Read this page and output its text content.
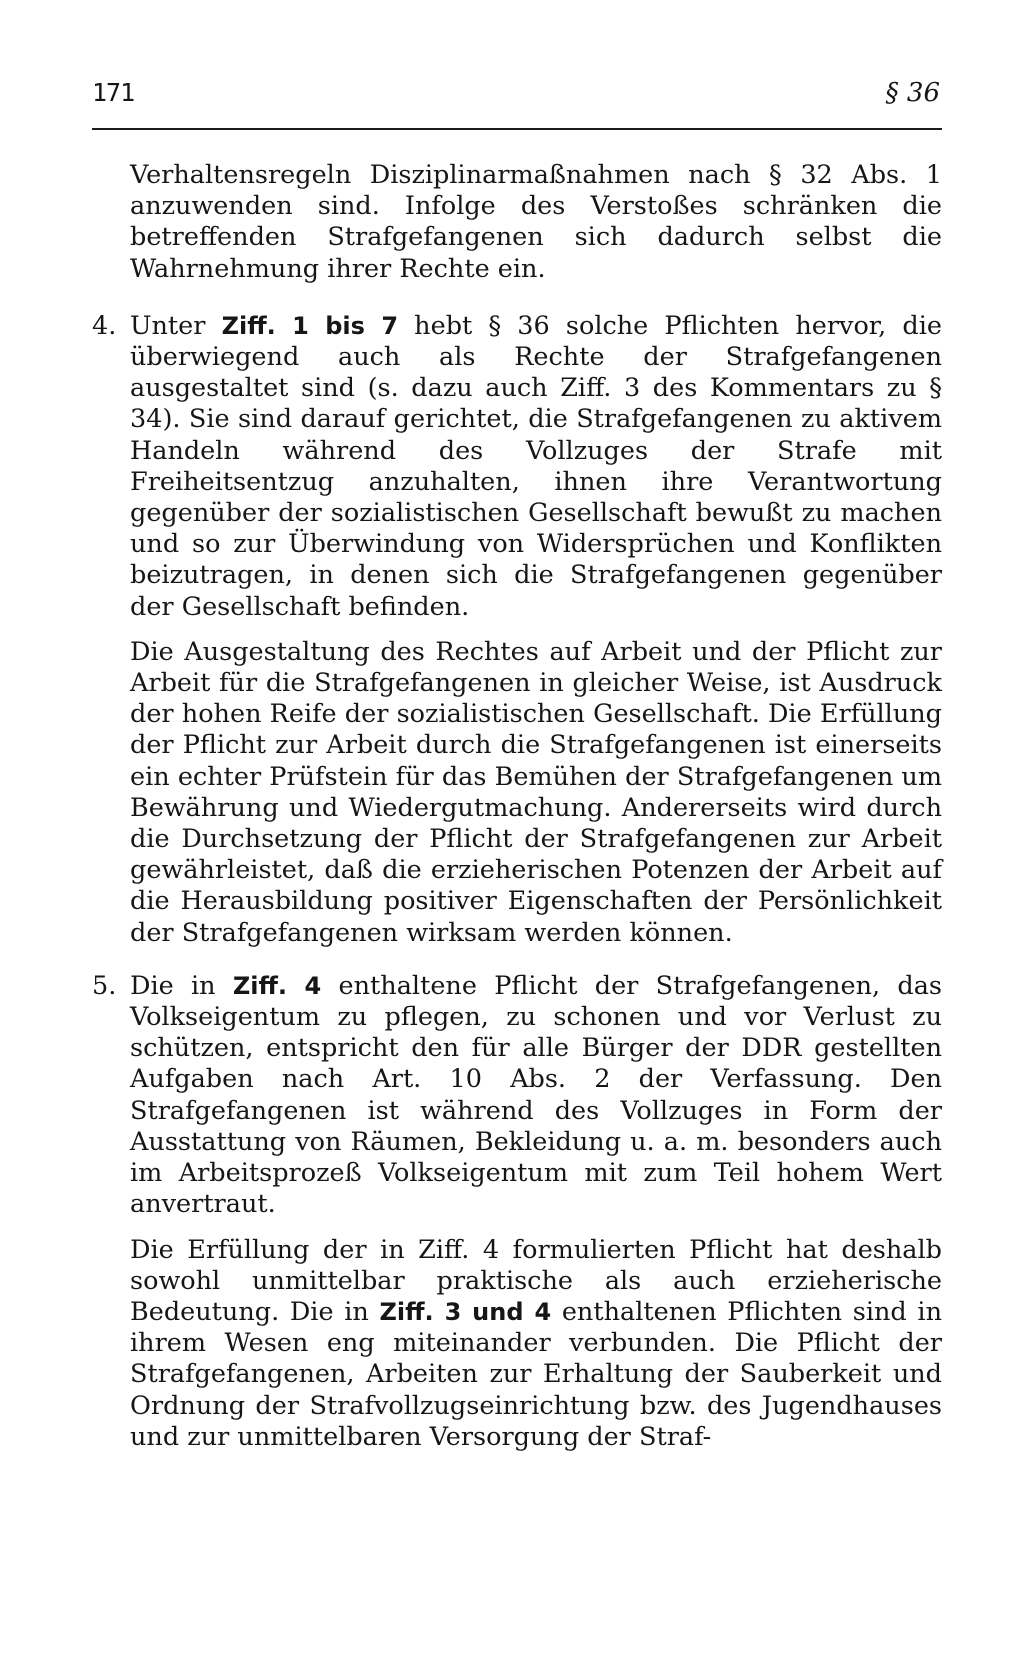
171	§ 36

Verhaltensregeln Disziplinarmaßnahmen nach § 32 Abs. 1 anzuwenden sind. Infolge des Verstoßes schränken die betreffenden Strafgefangenen sich dadurch selbst die Wahrnehmung ihrer Rechte ein.

4. Unter Ziff. 1 bis 7 hebt § 36 solche Pflichten hervor, die überwiegend auch als Rechte der Strafgefangenen ausgestaltet sind (s. dazu auch Ziff. 3 des Kommentars zu § 34). Sie sind darauf gerichtet, die Strafgefangenen zu aktivem Handeln während des Vollzuges der Strafe mit Freiheitsentzug anzuhalten, ihnen ihre Verantwortung gegenüber der sozialistischen Gesellschaft bewußt zu machen und so zur Überwindung von Widersprüchen und Konflikten beizutragen, in denen sich die Strafgefangenen gegenüber der Gesellschaft befinden.

Die Ausgestaltung des Rechtes auf Arbeit und der Pflicht zur Arbeit für die Strafgefangenen in gleicher Weise, ist Ausdruck der hohen Reife der sozialistischen Gesellschaft. Die Erfüllung der Pflicht zur Arbeit durch die Strafgefangenen ist einerseits ein echter Prüfstein für das Bemühen der Strafgefangenen um Bewährung und Wiedergutmachung. Andererseits wird durch die Durchsetzung der Pflicht der Strafgefangenen zur Arbeit gewährleistet, daß die erzieherischen Potenzen der Arbeit auf die Herausbildung positiver Eigenschaften der Persönlichkeit der Strafgefangenen wirksam werden können.

5. Die in Ziff. 4 enthaltene Pflicht der Strafgefangenen, das Volkseigentum zu pflegen, zu schonen und vor Verlust zu schützen, entspricht den für alle Bürger der DDR gestellten Aufgaben nach Art. 10 Abs. 2 der Verfassung. Den Strafgefangenen ist während des Vollzuges in Form der Ausstattung von Räumen, Bekleidung u. a. m. besonders auch im Arbeitsprozeß Volkseigentum mit zum Teil hohem Wert anvertraut.

Die Erfüllung der in Ziff. 4 formulierten Pflicht hat deshalb sowohl unmittelbar praktische als auch erzieherische Bedeutung. Die in Ziff. 3 und 4 enthaltenen Pflichten sind in ihrem Wesen eng miteinander verbunden. Die Pflicht der Strafgefangenen, Arbeiten zur Erhaltung der Sauberkeit und Ordnung der Strafvollzugseinrichtung bzw. des Jugendhauses und zur unmittelbaren Versorgung der Straf-
